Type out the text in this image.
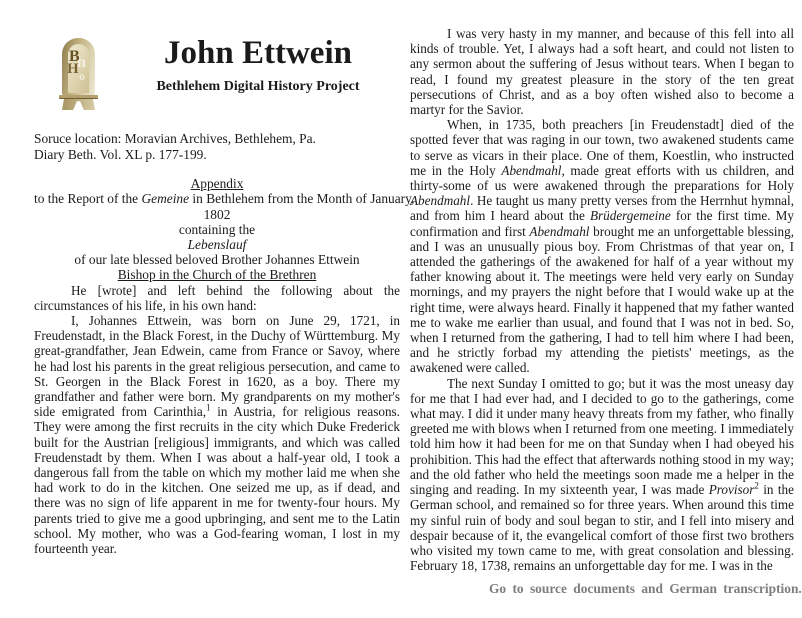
h
o
B
H	John Ettwein
Bethlehem Digital History Project
Soruce location: Moravian Archives, Bethlehem, Pa.
Diary Beth. Vol. XL p. 177-199.
Appendix
to the Report of the Gemeine in Bethlehem from the Month of January,
1802
containing the
Lebenslauf
of our late blessed beloved Brother Johannes Ettwein
Bishop in the Church of the Brethren

He [wrote] and left behind the following about the circumstances of his life, in his own hand:

I, Johannes Ettwein, was born on June 29, 1721, in Freudenstadt, in the Black Forest, in the Duchy of Württemburg. My great-grandfather, Jean Edwein, came from France or Savoy, where he had lost his parents in the great religious persecution, and came to St. Georgen in the Black Forest in 1620, as a boy. There my grandfather and father were born. My grandparents on my mother's side emigrated from Carinthia,$^1$ in Austria, for religious reasons. They were among the first recruits in the city which Duke Frederick built for the Austrian [religious] immigrants, and which was called Freudenstadt by them. When I was about a half-year old, I took a dangerous fall from the table on which my mother laid me when she had work to do in the kitchen. One seized me up, as if dead, and there was no sign of life apparent in me for twenty-four hours. My parents tried to give me a good upbringing, and sent me to the Latin school. My mother, who was a God-fearing woman, I lost in my fourteenth year.

I was very hasty in my manner, and because of this fell into all kinds of trouble. Yet, I always had a soft heart, and could not listen to any sermon about the suffering of Jesus without tears. When I began to read, I found my greatest pleasure in the story of the ten great persecutions of Christ, and as a boy often wished also to become a martyr for the Savior.

When, in 1735, both preachers [in Freudenstadt] died of the spotted fever that was raging in our town, two awakened students came to serve as vicars in their place. One of them, Koestlin, who instructed me in the Holy Abendmahl, made great efforts with us children, and thirty-some of us were awakened through the preparations for Holy Abendmahl. He taught us many pretty verses from the Herrnhut hymnal, and from him I heard about the Brüdergemeine for the first time. My confirmation and first Abendmahl brought me an unforgettable blessing, and I was an unusually pious boy. From Christmas of that year on, I attended the gatherings of the awakened for half of a year without my father knowing about it. The meetings were held very early on Sunday mornings, and my prayers the night before that I would wake up at the right time, were always heard. Finally it happened that my father wanted me to wake me earlier than usual, and found that I was not in bed. So, when I returned from the gathering, I had to tell him where I had been, and he strictly forbad my attending the pietists' meetings, as the awakened were called.

The next Sunday I omitted to go; but it was the most uneasy day for me that I had ever had, and I decided to go to the gatherings, come what may. I did it under many heavy threats from my father, who finally greeted me with blows when I returned from one meeting. I immediately told him how it had been for me on that Sunday when I had obeyed his prohibition. This had the effect that afterwards nothing stood in my way; and the old father who held the meetings soon made me a helper in the singing and reading. In my sixteenth year, I was made Provisor$^2$ in the German school, and remained so for three years. When around this time my sinful ruin of body and soul began to stir, and I fell into misery and despair because of it, the evangelical comfort of those first two brothers who visited my town came to me, with great consolation and blessing. February 18, 1738, remains an unforgettable day for me. I was in the

Go to source documents and German transcription.
